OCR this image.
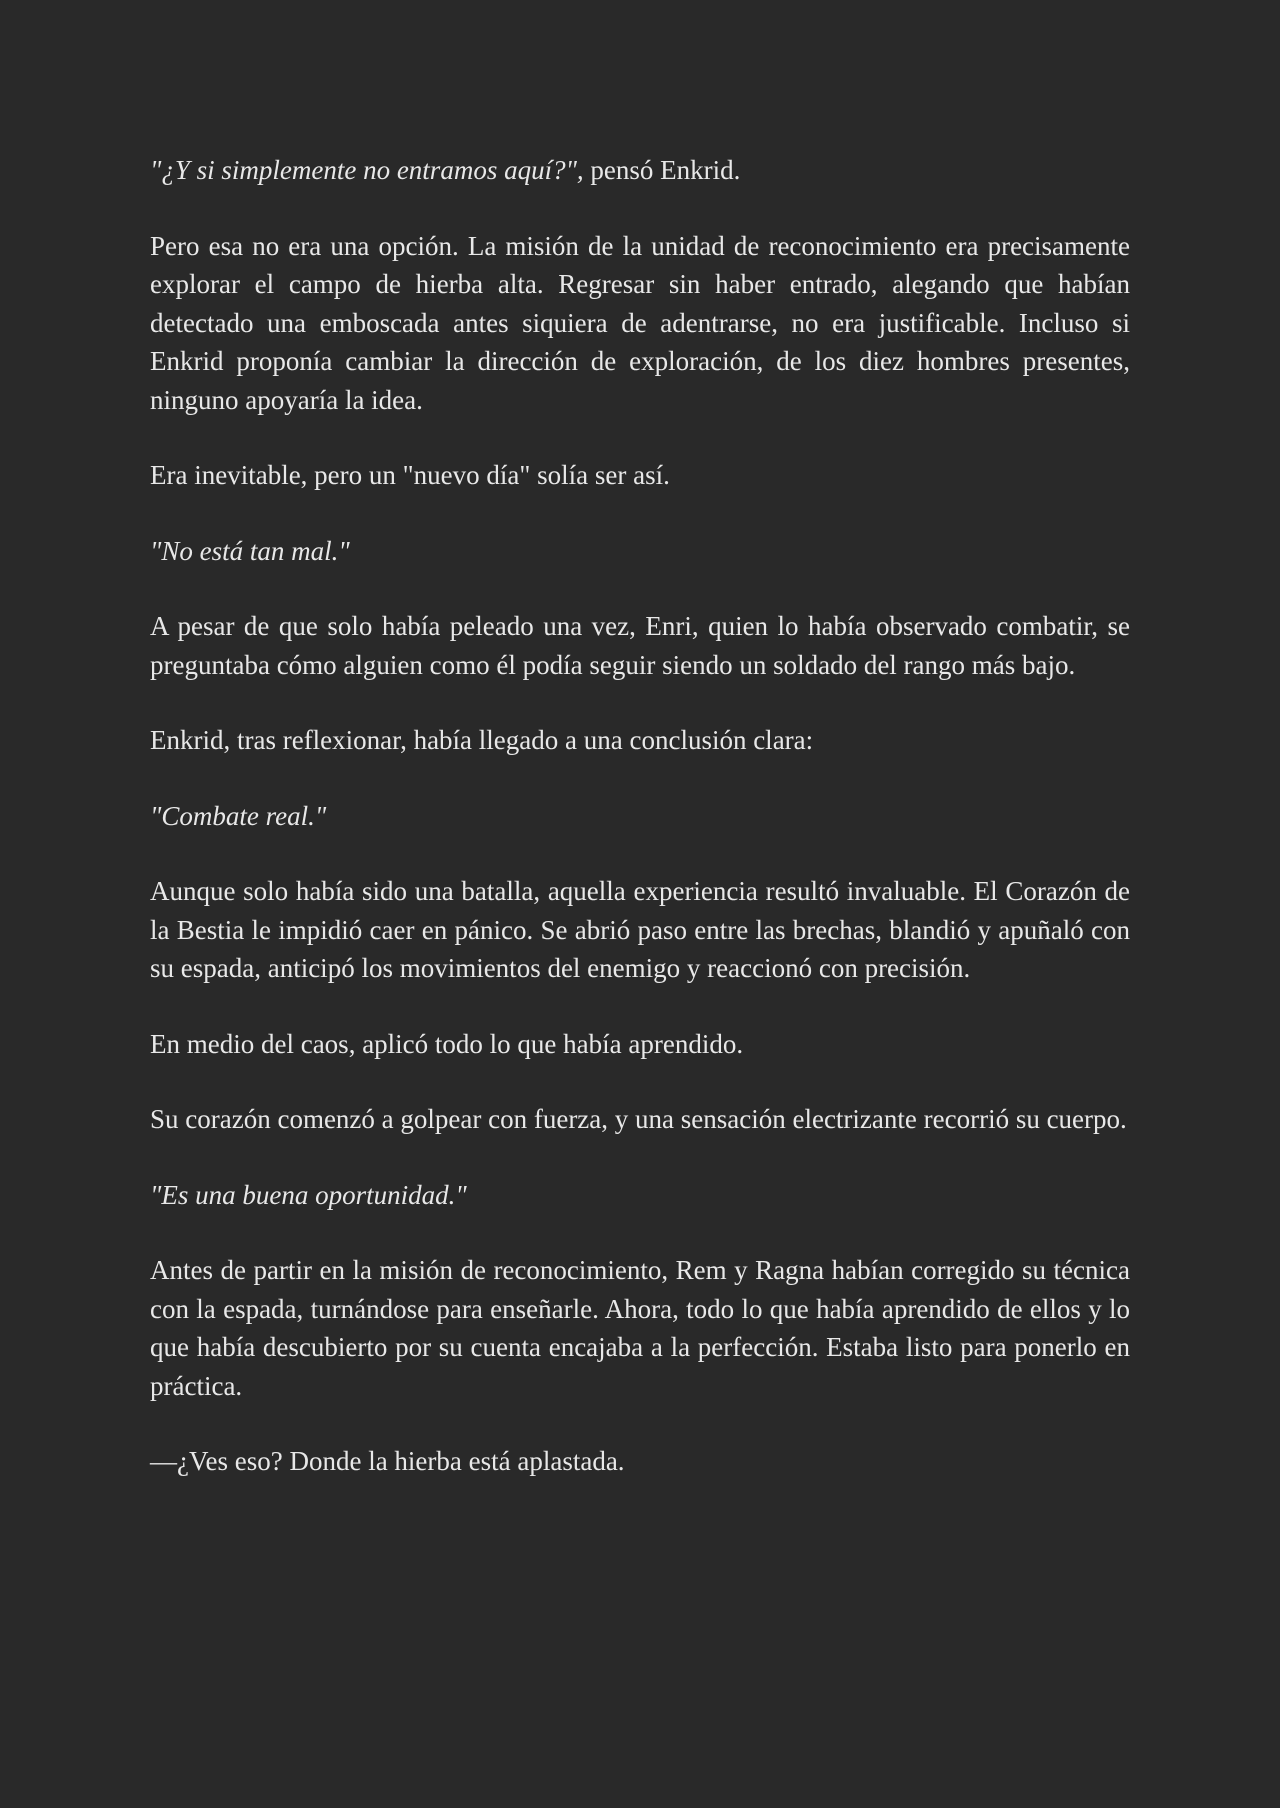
"¿Y si simplemente no entramos aquí?", pensó Enkrid.

Pero esa no era una opción. La misión de la unidad de reconocimiento era precisamente explorar el campo de hierba alta. Regresar sin haber entrado, alegando que habían detectado una emboscada antes siquiera de adentrarse, no era justificable. Incluso si Enkrid proponía cambiar la dirección de exploración, de los diez hombres presentes, ninguno apoyaría la idea.

Era inevitable, pero un "nuevo día" solía ser así.

"No está tan mal."

A pesar de que solo había peleado una vez, Enri, quien lo había observado combatir, se preguntaba cómo alguien como él podía seguir siendo un soldado del rango más bajo.

Enkrid, tras reflexionar, había llegado a una conclusión clara:

"Combate real."

Aunque solo había sido una batalla, aquella experiencia resultó invaluable. El Corazón de la Bestia le impidió caer en pánico. Se abrió paso entre las brechas, blandió y apuñaló con su espada, anticipó los movimientos del enemigo y reaccionó con precisión.

En medio del caos, aplicó todo lo que había aprendido.

Su corazón comenzó a golpear con fuerza, y una sensación electrizante recorrió su cuerpo.

"Es una buena oportunidad."

Antes de partir en la misión de reconocimiento, Rem y Ragna habían corregido su técnica con la espada, turnándose para enseñarle. Ahora, todo lo que había aprendido de ellos y lo que había descubierto por su cuenta encajaba a la perfección. Estaba listo para ponerlo en práctica.

—¿Ves eso? Donde la hierba está aplastada.
